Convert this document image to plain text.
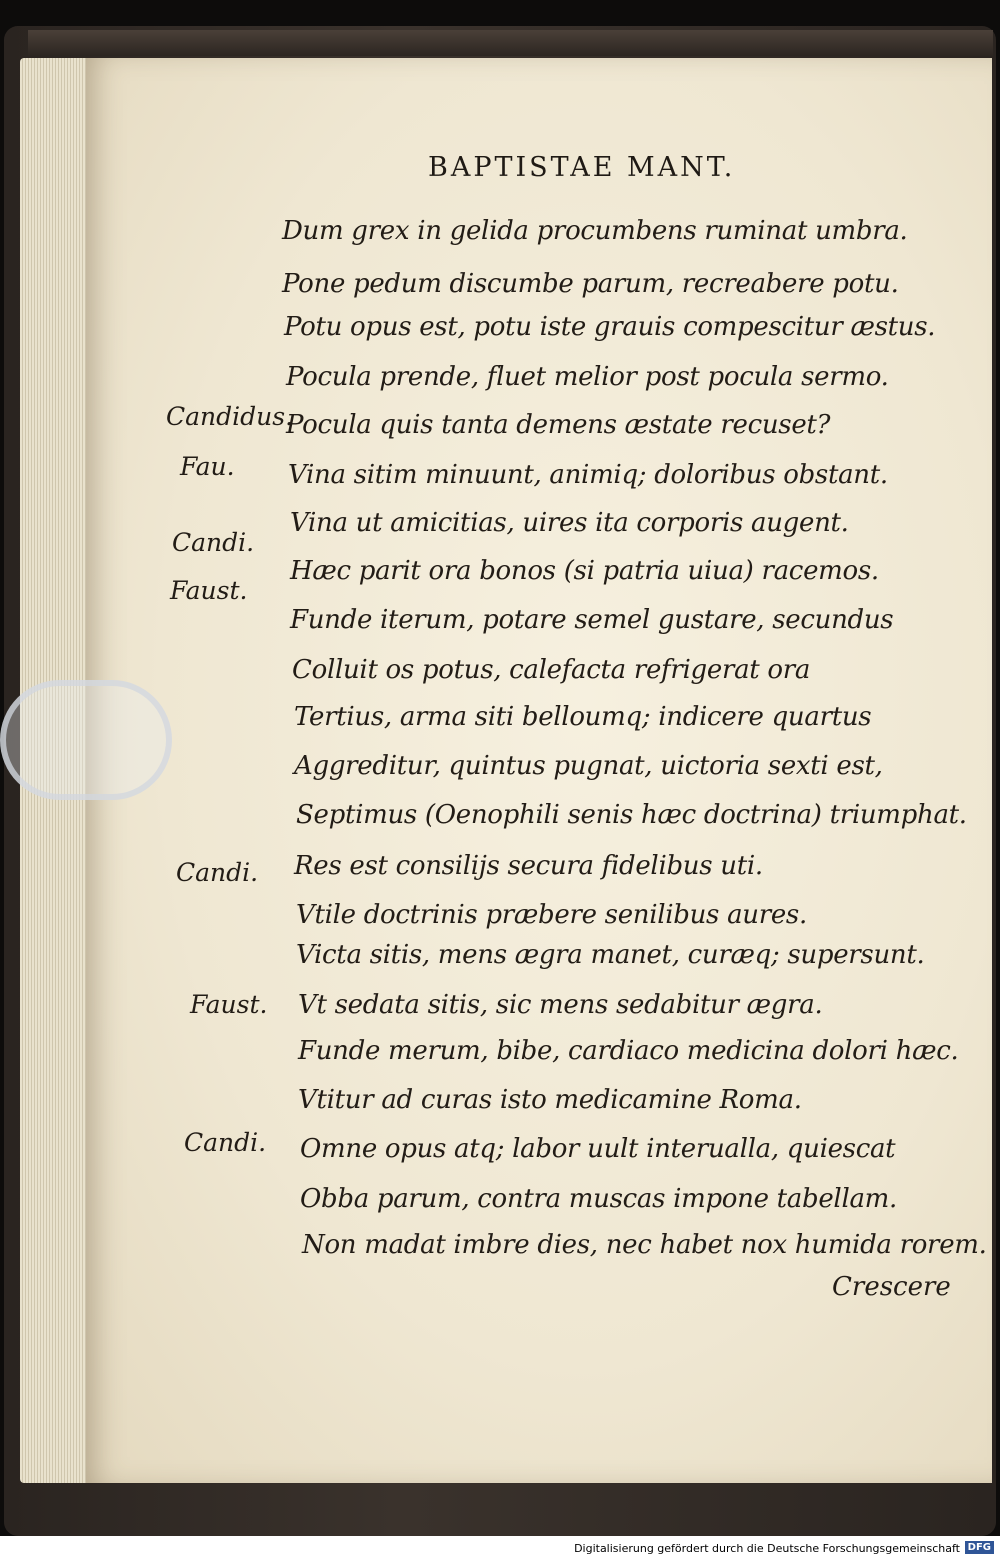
BAPTISTAE MANT.
Dum grex in gelida procumbens ruminat umbra.
Pone pedum discumbe parum, recreabere potu.
Potu opus est, potu iste grauis compescitur æstus.
Pocula prende, fluet melior post pocula sermo.
Pocula quis tanta demens æstate recuset?
Vina sitim minuunt, animiq; doloribus obstant.
Vina ut amicitias, uires ita corporis augent.
Hæc parit ora bonos (si patria uiua) racemos.
Funde iterum, potare semel gustare, secundus
Colluit os potus, calefacta refrigerat ora
Tertius, arma siti belloumq; indicere quartus
Aggreditur, quintus pugnat, uictoria sexti est,
Septimus (Oenophili senis hæc doctrina) triumphat.
Res est consilijs secura fidelibus uti.
Vtile doctrinis præbere senilibus aures.
Victa sitis, mens ægra manet, curæq; supersunt.
Vt sedata sitis, sic mens sedabitur ægra.
Funde merum, bibe, cardiaco medicina dolori hæc.
Vtitur ad curas isto medicamine Roma.
Omne opus atq; labor uult interualla, quiescat
Obba parum, contra muscas impone tabellam.
Non madat imbre dies, nec habet nox humida rorem.
Candidus.
Fau.
Candi.
Faust.
Candi.
Faust.
Candi.
Crescere
Digitalisierung gefördert durch die Deutsche Forschungsgemeinschaft DFG
